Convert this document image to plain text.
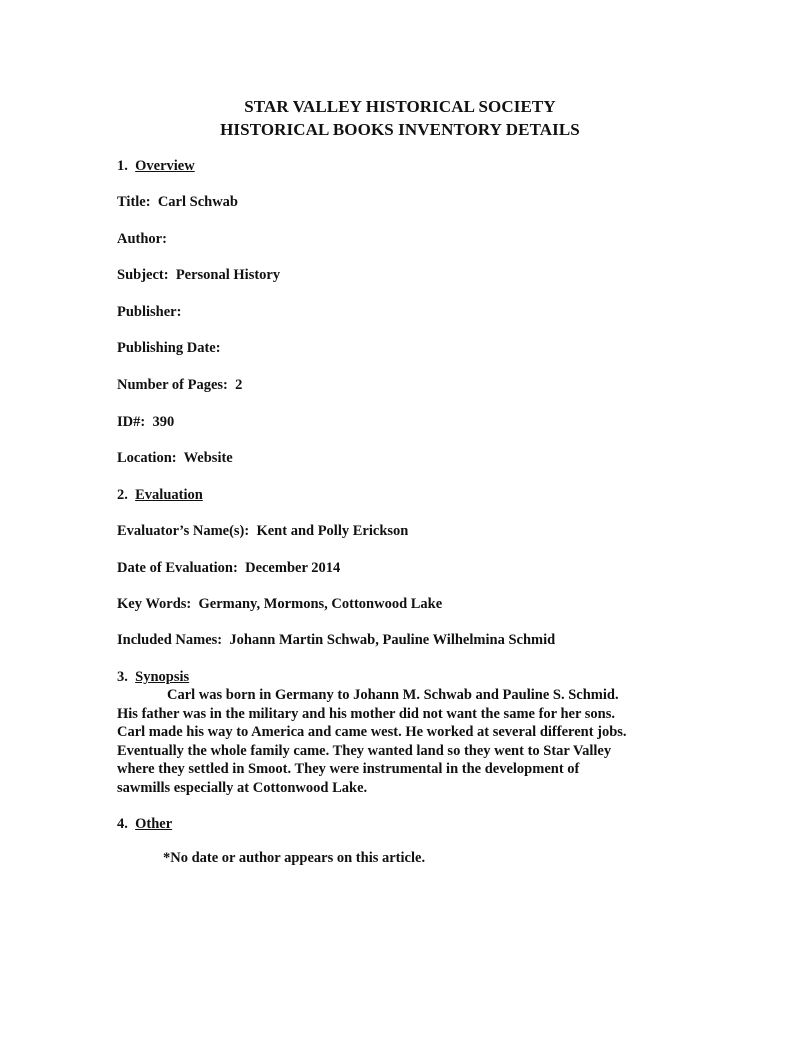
STAR VALLEY HISTORICAL SOCIETY
HISTORICAL BOOKS INVENTORY DETAILS
1. Overview
Title: Carl Schwab
Author:
Subject: Personal History
Publisher:
Publishing Date:
Number of Pages: 2
ID#: 390
Location: Website
2. Evaluation
Evaluator’s Name(s): Kent and Polly Erickson
Date of Evaluation: December 2014
Key Words: Germany, Mormons, Cottonwood Lake
Included Names: Johann Martin Schwab, Pauline Wilhelmina Schmid
3. Synopsis
Carl was born in Germany to Johann M. Schwab and Pauline S. Schmid.
His father was in the military and his mother did not want the same for her sons.
Carl made his way to America and came west. He worked at several different jobs.
Eventually the whole family came. They wanted land so they went to Star Valley
where they settled in Smoot. They were instrumental in the development of
sawmills especially at Cottonwood Lake.
4. Other
*No date or author appears on this article.
